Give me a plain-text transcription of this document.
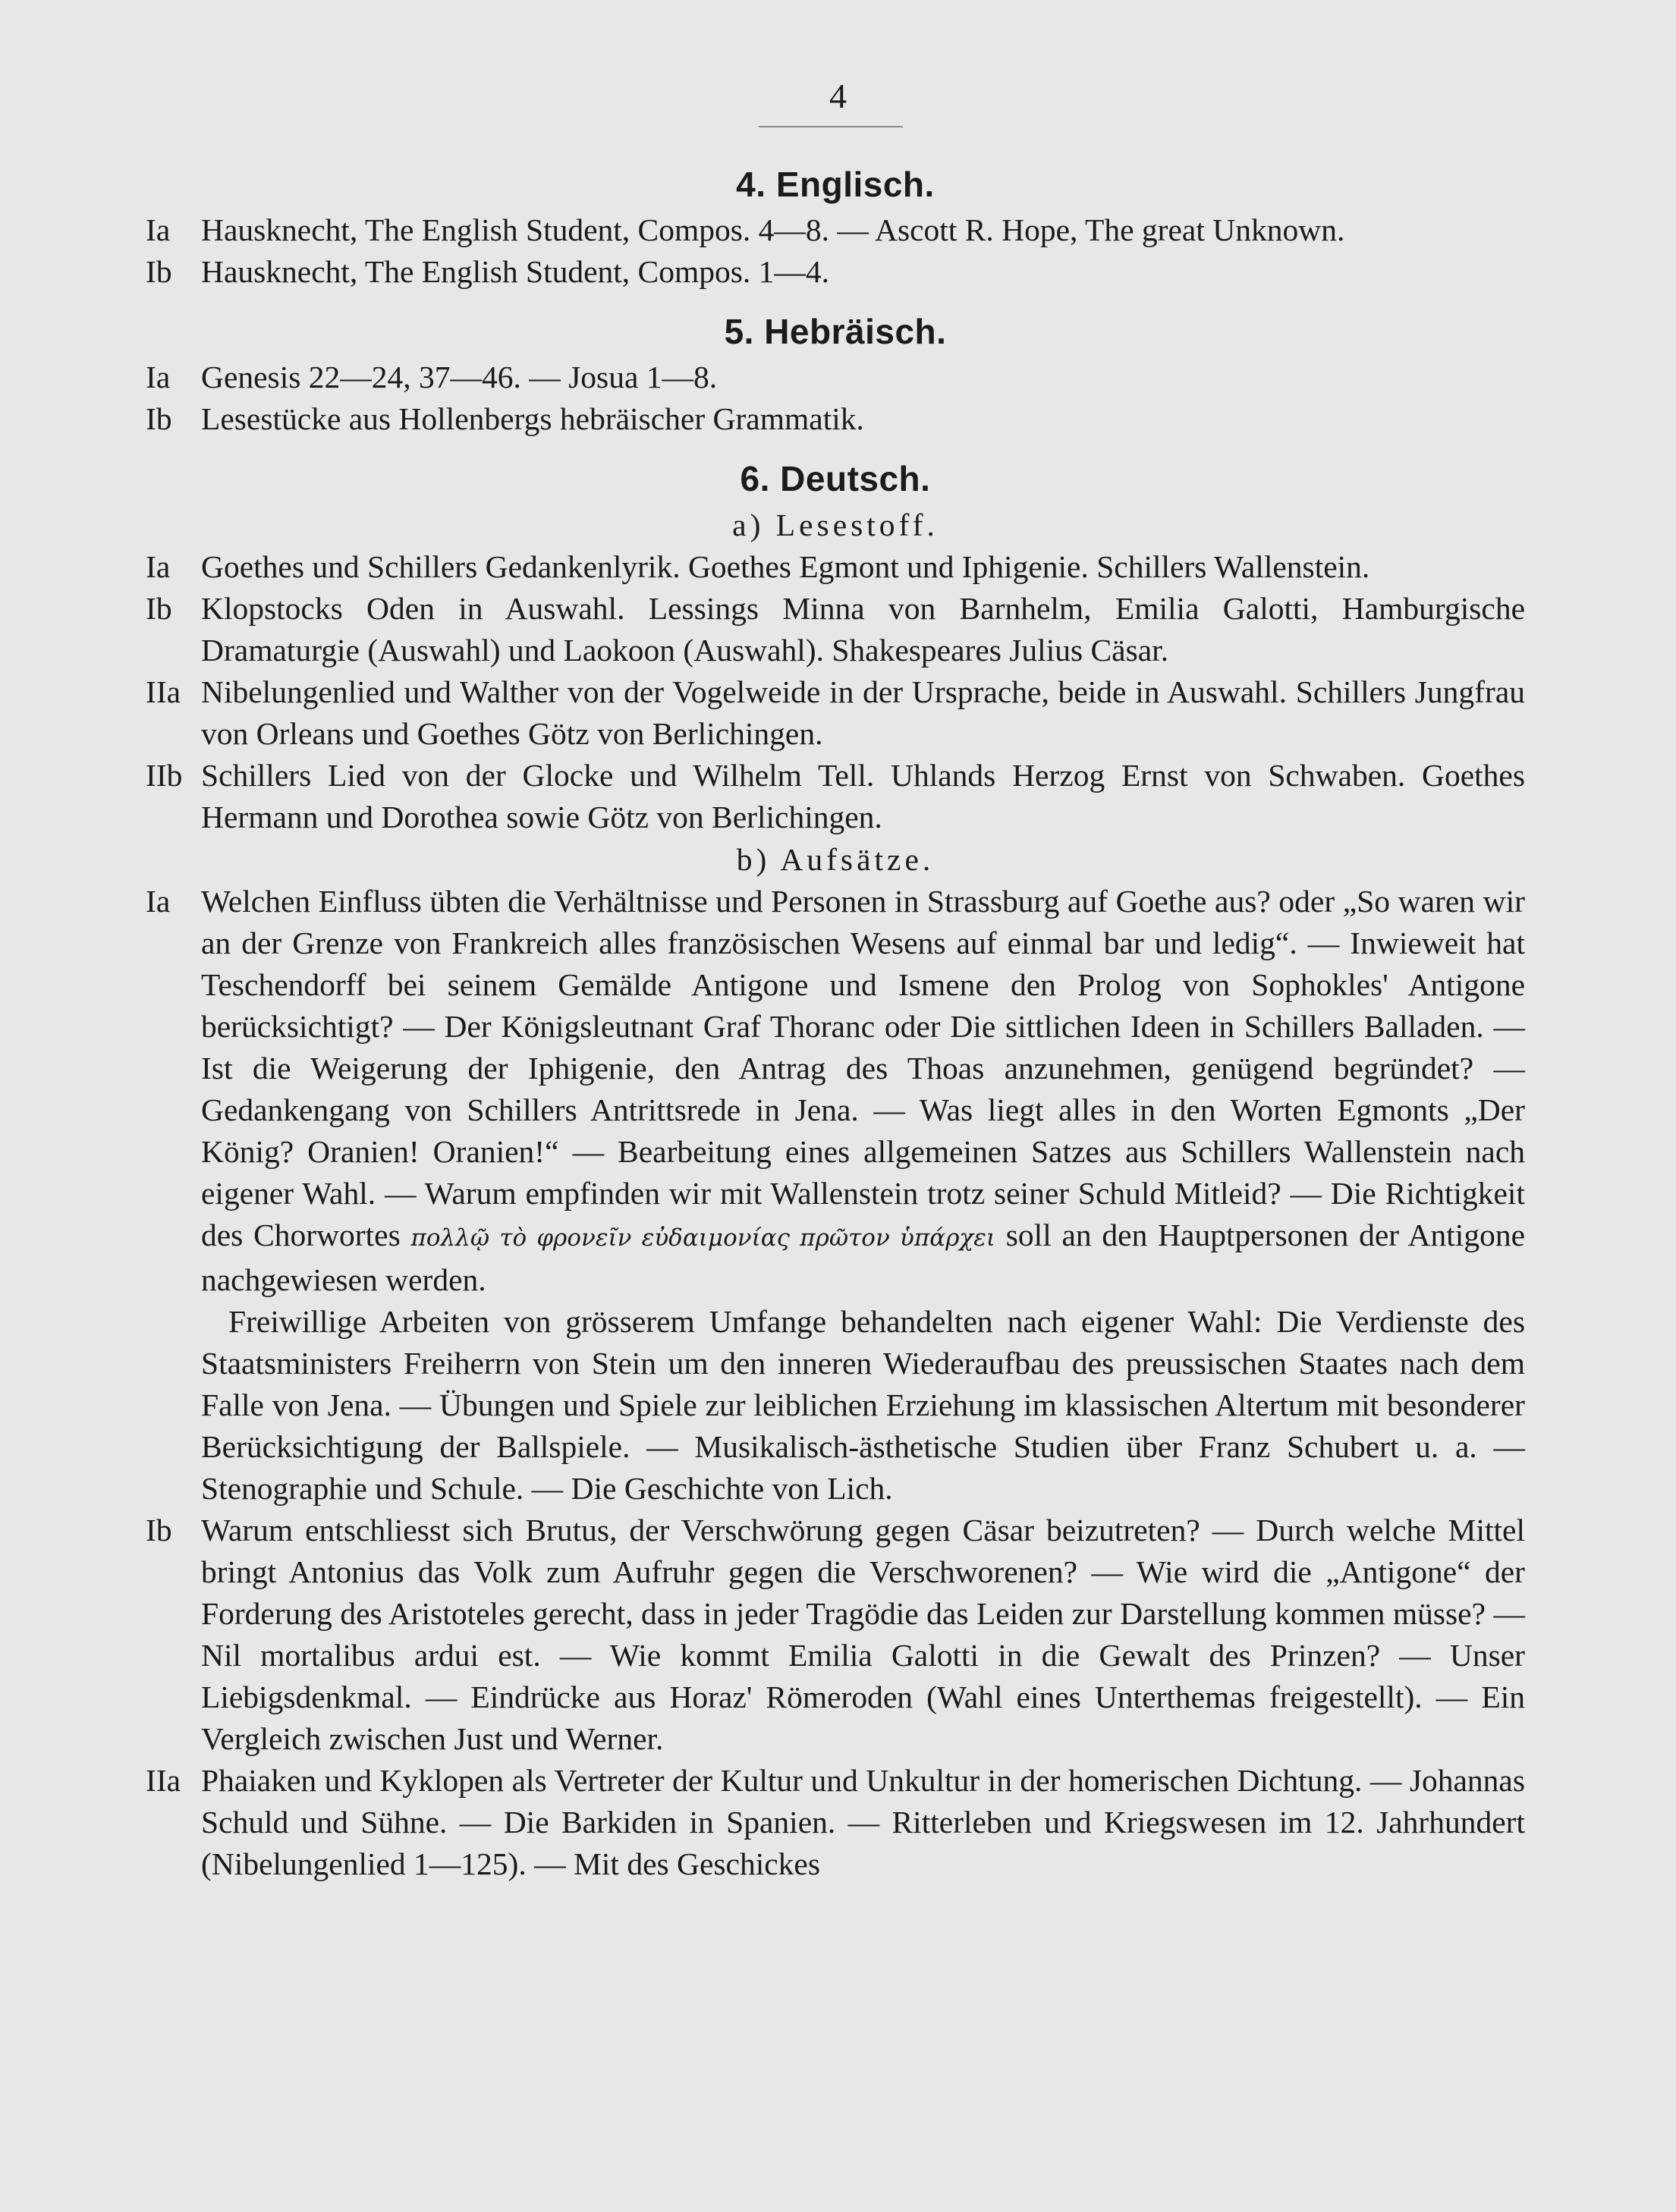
4
4. Englisch.
Ia Hausknecht, The English Student, Compos. 4—8. — Ascott R. Hope, The great Unknown.
Ib Hausknecht, The English Student, Compos. 1—4.
5. Hebräisch.
Ia Genesis 22—24, 37—46. — Josua 1—8.
Ib Lesestücke aus Hollenbergs hebräischer Grammatik.
6. Deutsch.
a) Lesestoff.
Ia Goethes und Schillers Gedankenlyrik. Goethes Egmont und Iphigenie. Schillers Wallenstein.
Ib Klopstocks Oden in Auswahl. Lessings Minna von Barnhelm, Emilia Galotti, Hamburgische Dramaturgie (Auswahl) und Laokoon (Auswahl). Shakespeares Julius Cäsar.
IIa Nibelungenlied und Walther von der Vogelweide in der Ursprache, beide in Auswahl. Schillers Jungfrau von Orleans und Goethes Götz von Berlichingen.
IIb Schillers Lied von der Glocke und Wilhelm Tell. Uhlands Herzog Ernst von Schwaben. Goethes Hermann und Dorothea sowie Götz von Berlichingen.
b) Aufsätze.
Ia Welchen Einfluss übten die Verhältnisse und Personen in Strassburg auf Goethe aus? oder „So waren wir an der Grenze von Frankreich alles französischen Wesens auf einmal bar und ledig“. — Inwieweit hat Teschendorff bei seinem Gemälde Antigone und Ismene den Prolog von Sophokles' Antigone berücksichtigt? — Der Königsleutnant Graf Thoranc oder Die sittlichen Ideen in Schillers Balladen. — Ist die Weigerung der Iphigenie, den Antrag des Thoas anzunehmen, genügend begründet? — Gedankengang von Schillers Antrittsrede in Jena. — Was liegt alles in den Worten Egmonts „Der König? Oranien! Oranien!“ — Bearbeitung eines allgemeinen Satzes aus Schillers Wallenstein nach eigener Wahl. — Warum empfinden wir mit Wallenstein trotz seiner Schuld Mitleid? — Die Richtigkeit des Chorwortes πολλῷ τὸ φρονεῖν εὐδαιμονίας πρῶτον ὑπάρχει soll an den Hauptpersonen der Antigone nachgewiesen werden.
Freiwillige Arbeiten von grösserem Umfange behandelten nach eigener Wahl: Die Verdienste des Staatsministers Freiherrn von Stein um den inneren Wiederaufbau des preussischen Staates nach dem Falle von Jena. — Übungen und Spiele zur leiblichen Erziehung im klassischen Altertum mit besonderer Berücksichtigung der Ballspiele. — Musikalisch-ästhetische Studien über Franz Schubert u. a. — Stenographie und Schule. — Die Geschichte von Lich.
Ib Warum entschliesst sich Brutus, der Verschwörung gegen Cäsar beizutreten? — Durch welche Mittel bringt Antonius das Volk zum Aufruhr gegen die Verschworenen? — Wie wird die „Antigone“ der Forderung des Aristoteles gerecht, dass in jeder Tragödie das Leiden zur Darstellung kommen müsse? — Nil mortalibus ardui est. — Wie kommt Emilia Galotti in die Gewalt des Prinzen? — Unser Liebigsdenkmal. — Eindrücke aus Horaz' Römeroden (Wahl eines Unterthemas freigestellt). — Ein Vergleich zwischen Just und Werner.
IIa Phaiaken und Kyklopen als Vertreter der Kultur und Unkultur in der homerischen Dichtung. — Johannas Schuld und Sühne. — Die Barkiden in Spanien. — Ritterleben und Kriegswesen im 12. Jahrhundert (Nibelungenlied 1—125). — Mit des Geschickes
